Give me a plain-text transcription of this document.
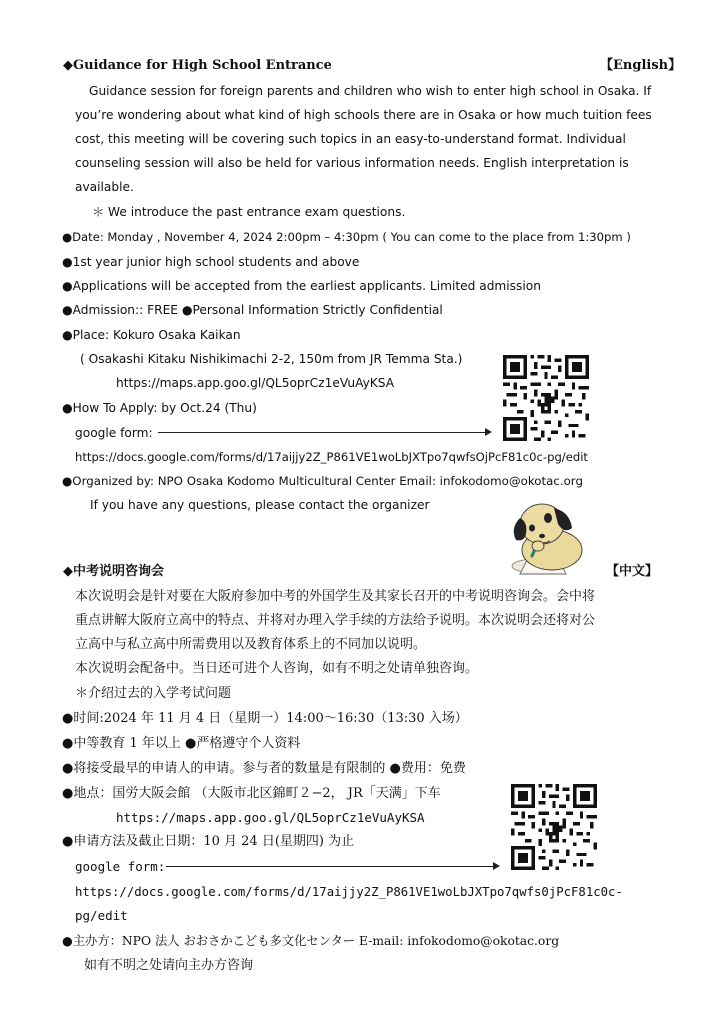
◆Guidance for High School Entrance	【English】
Guidance session for foreign parents and children who wish to enter high school in Osaka. If
you’re wondering about what kind of high schools there are in Osaka or how much tuition fees
cost, this meeting will be covering such topics in an easy-to-understand format. Individual
counseling session will also be held for various information needs. English interpretation is
available.
＊ We introduce the past entrance exam questions.
●Date: Monday , November 4, 2024 2:00pm – 4:30pm ( You can come to the place from 1:30pm )
●1st year junior high school students and above
●Applications will be accepted from the earliest applicants. Limited admission
●Admission:: FREE ●Personal Information Strictly Confidential
●Place: Kokuro Osaka Kaikan
( Osakashi Kitaku Nishikimachi 2-2, 150m from JR Temma Sta.)
https://maps.app.goo.gl/QL5oprCz1eVuAyKSA
●How To Apply: by Oct.24 (Thu)
google form:
https://docs.google.com/forms/d/17aijjy2Z_P861VE1woLbJXTpo7qwfsOjPcF81c0c-pg/edit
●Organized by: NPO Osaka Kodomo Multicultural Center Email: infokodomo@okotac.org
If you have any questions, please contact the organizer
◆中考说明咨询会	【中文】
本次说明会是针对要在大阪府参加中考的外国学生及其家长召开的中考说明咨询会。会中将
重点讲解大阪府立高中的特点、并将对办理入学手续的方法给予说明。本次说明会还将对公
立高中与私立高中所需费用以及教育体系上的不同加以说明。
本次说明会配备中。当日还可进个人咨询，如有不明之处请单独咨询。
＊介绍过去的入学考试问题
●时间:2024 年 11 月 4 日（星期一）14:00～16:30（13:30 入场）
●中等教育 1 年以上 ●严格遵守个人资料
●将接受最早的申请人的申请。参与者的数量是有限制的 ●费用：免费
●地点：国労大阪会館 （大阪市北区錦町２−2， JR「天满」下车
https://maps.app.goo.gl/QL5oprCz1eVuAyKSA
●申请方法及截止日期：10 月 24 日(星期四) 为止
google form:
https://docs.google.com/forms/d/17aijjy2Z_P861VE1woLbJXTpo7qwfs0jPcF81c0c-
pg/edit
●主办方：NPO 法人 おおさかこども多文化センター E-mail: infokodomo@okotac.org
如有不明之处请向主办方咨询
